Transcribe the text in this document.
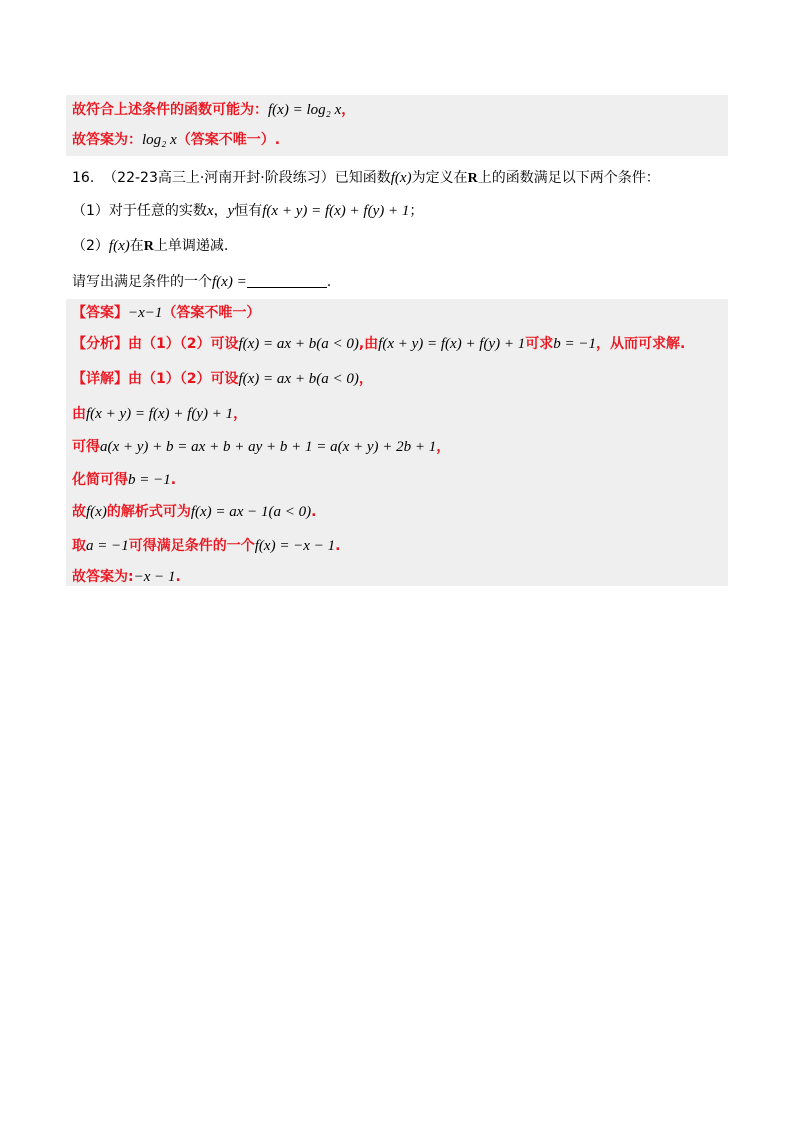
故符合上述条件的函数可能为：f(x) = log₂ x，
故答案为：log₂ x（答案不唯一）.
16. （22-23高三上·河南开封·阶段练习）已知函数f(x)为定义在R上的函数满足以下两个条件：
（1）对于任意的实数x，y恒有f(x + y) = f(x) + f(y) + 1；
（2）f(x)在R上单调递减.
请写出满足条件的一个f(x) =	.
【答案】−x−1（答案不唯一）
【分析】由（1）（2）可设f(x) = ax + b(a < 0),由f(x + y) = f(x) + f(y) + 1可求b = −1，从而可求解.
【详解】由（1）（2）可设f(x) = ax + b(a < 0)，
由f(x + y) = f(x) + f(y) + 1，
可得a(x + y) + b = ax + b + ay + b + 1 = a(x + y) + 2b + 1，
化简可得b = −1.
故f(x)的解析式可为f(x) = ax − 1(a < 0).
取a = −1可得满足条件的一个f(x) = −x − 1.
故答案为:−x − 1.
